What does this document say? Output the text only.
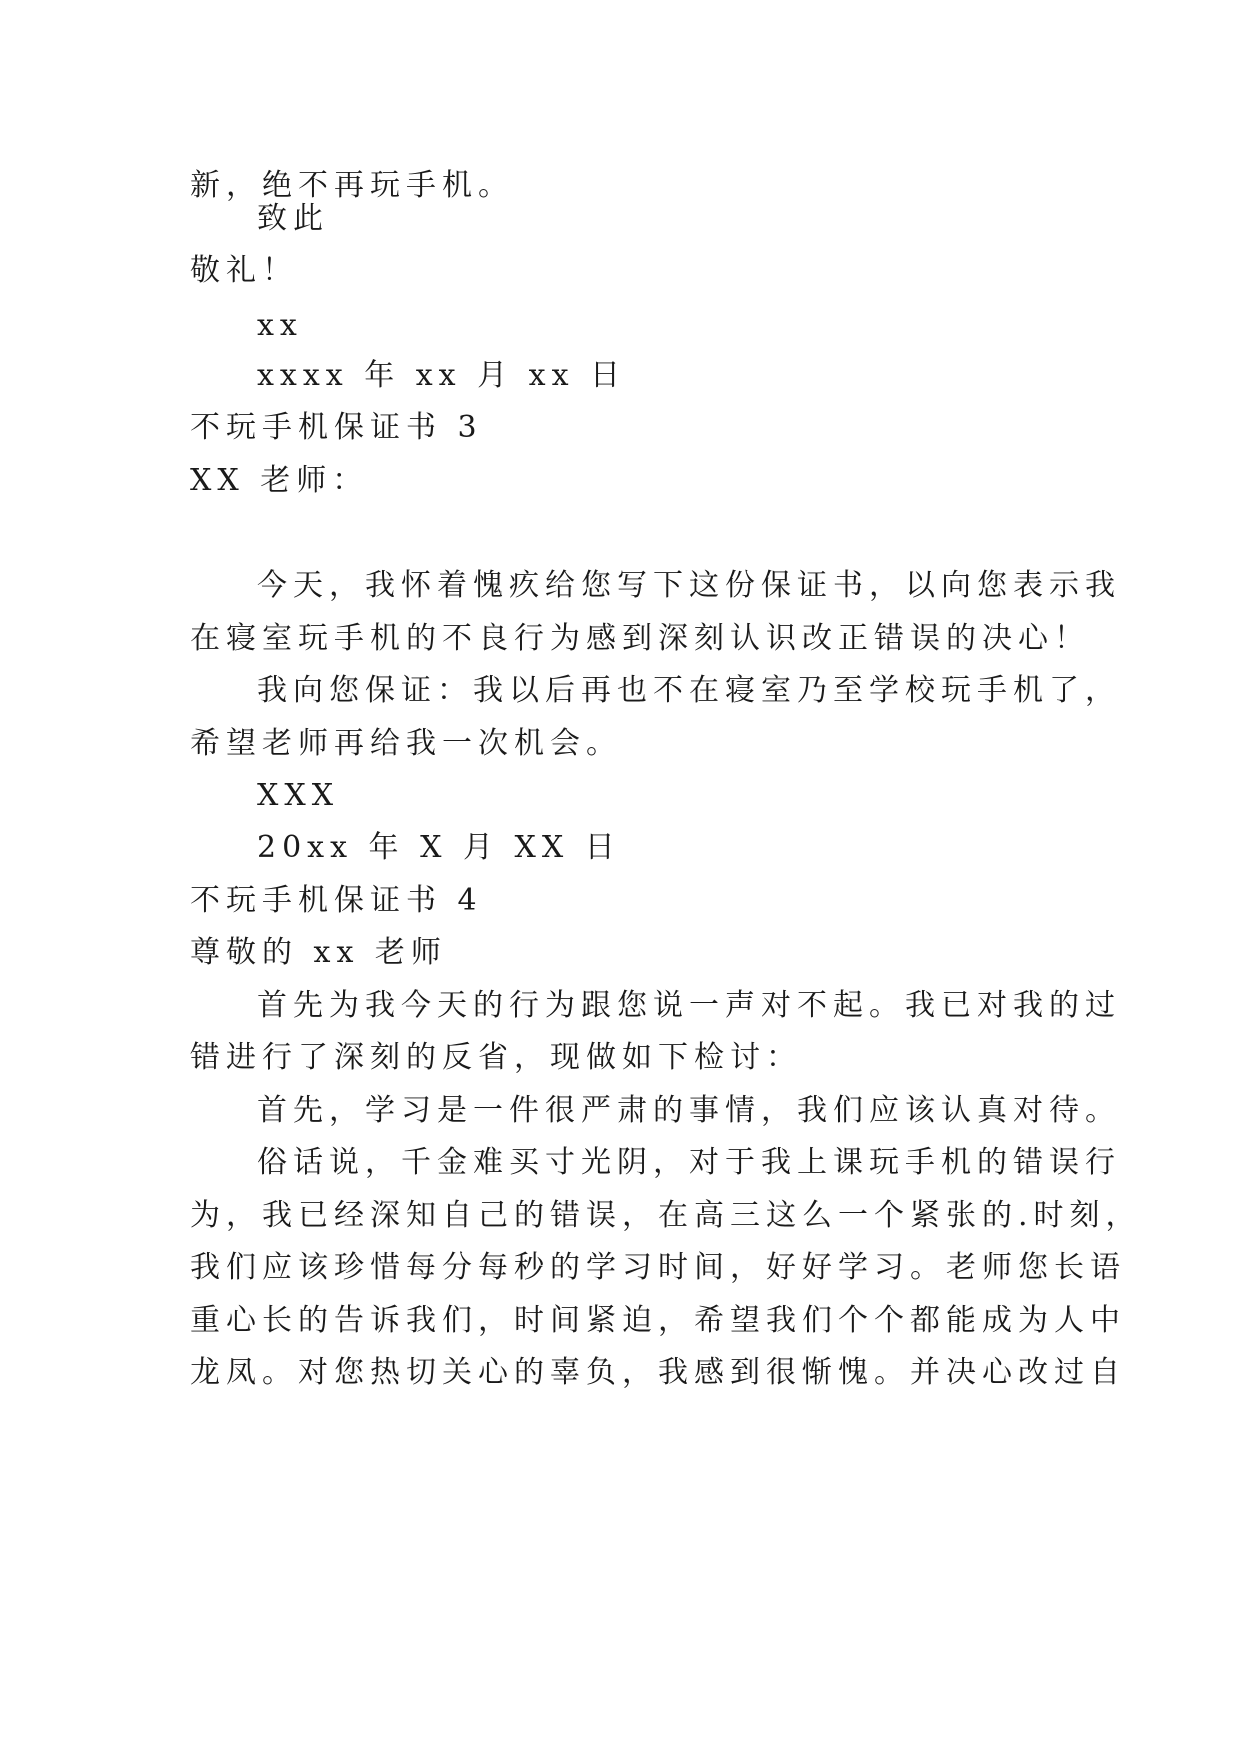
新，绝不再玩手机。

致此

敬礼！

xx

xxxx 年 xx 月 xx 日

不玩手机保证书 3

XX 老师：

今天，我怀着愧疚给您写下这份保证书，以向您表示我

在寝室玩手机的不良行为感到深刻认识改正错误的决心！

我向您保证：我以后再也不在寝室乃至学校玩手机了，

希望老师再给我一次机会。

XXX

20xx 年 X 月 XX 日

不玩手机保证书 4

尊敬的 xx 老师

首先为我今天的行为跟您说一声对不起。我已对我的过

错进行了深刻的反省，现做如下检讨：

首先，学习是一件很严肃的事情，我们应该认真对待。

俗话说，千金难买寸光阴，对于我上课玩手机的错误行

为，我已经深知自己的错误，在高三这么一个紧张的.时刻，

我们应该珍惜每分每秒的学习时间，好好学习。老师您长语

重心长的告诉我们，时间紧迫，希望我们个个都能成为人中

龙凤。对您热切关心的辜负，我感到很惭愧。并决心改过自
